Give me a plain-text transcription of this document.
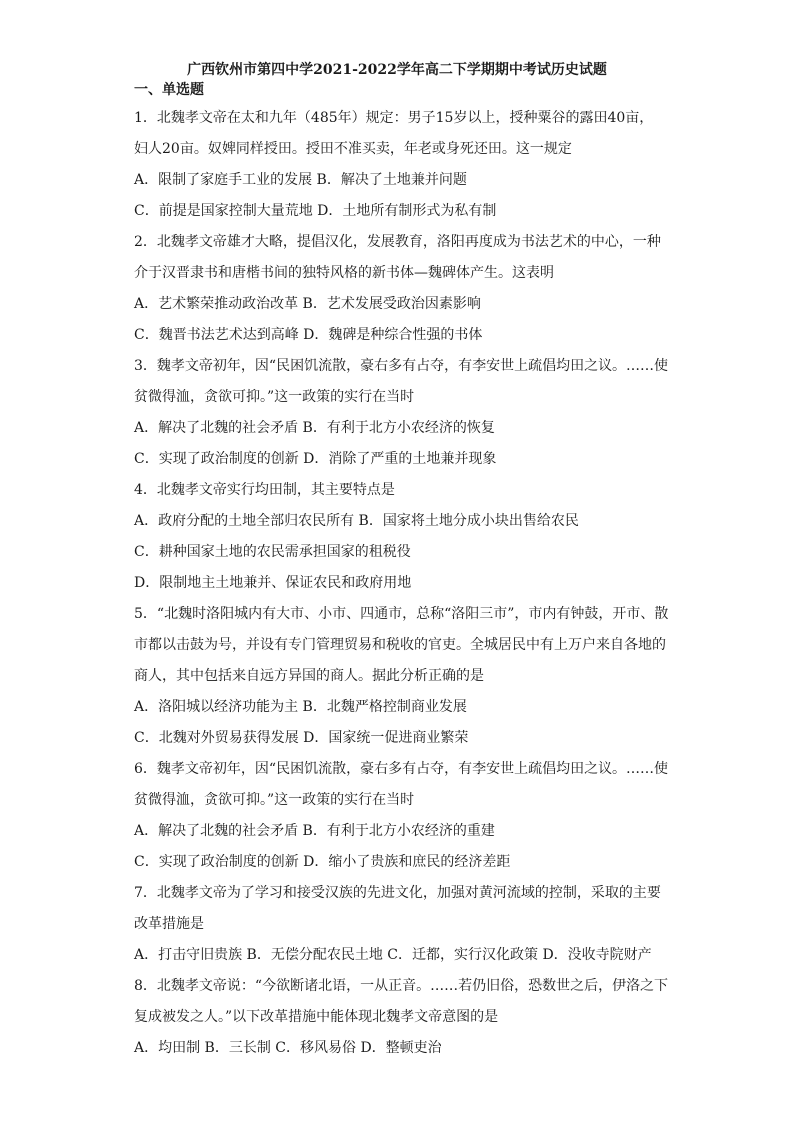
广西钦州市第四中学2021-2022学年高二下学期期中考试历史试题
一、单选题
1．北魏孝文帝在太和九年（485年）规定：男子15岁以上，授种粟谷的露田40亩，
妇人20亩。奴婢同样授田。授田不准买卖，年老或身死还田。这一规定
A．限制了家庭手工业的发展 B．解决了土地兼并问题
C．前提是国家控制大量荒地 D．土地所有制形式为私有制
2．北魏孝文帝雄才大略，提倡汉化，发展教育，洛阳再度成为书法艺术的中心，一种
介于汉晋隶书和唐楷书间的独特风格的新书体—魏碑体产生。这表明
A．艺术繁荣推动政治改革 B．艺术发展受政治因素影响
C．魏晋书法艺术达到高峰 D．魏碑是种综合性强的书体
3．魏孝文帝初年，因“民困饥流散，豪右多有占夺，有李安世上疏倡均田之议。……使
贫微得洫，贪欲可抑。”这一政策的实行在当时
A．解决了北魏的社会矛盾 B．有利于北方小农经济的恢复
C．实现了政治制度的创新 D．消除了严重的土地兼并现象
4．北魏孝文帝实行均田制，其主要特点是
A．政府分配的土地全部归农民所有 B．国家将土地分成小块出售给农民
C．耕种国家土地的农民需承担国家的租税役
D．限制地主土地兼并、保证农民和政府用地
5．“北魏时洛阳城内有大市、小市、四通市，总称“洛阳三市”，市内有钟鼓，开市、散
市都以击鼓为号，并设有专门管理贸易和税收的官吏。全城居民中有上万户来自各地的
商人，其中包括来自远方异国的商人。据此分析正确的是
A．洛阳城以经济功能为主 B．北魏严格控制商业发展
C．北魏对外贸易获得发展 D．国家统一促进商业繁荣
6．魏孝文帝初年，因“民困饥流散，豪右多有占夺，有李安世上疏倡均田之议。……使
贫微得洫，贪欲可抑。”这一政策的实行在当时
A．解决了北魏的社会矛盾 B．有利于北方小农经济的重建
C．实现了政治制度的创新 D．缩小了贵族和庶民的经济差距
7．北魏孝文帝为了学习和接受汉族的先进文化，加强对黄河流域的控制，采取的主要
改革措施是
A．打击守旧贵族 B．无偿分配农民土地 C．迁都，实行汉化政策 D．没收寺院财产
8．北魏孝文帝说：“今欲断诸北语，一从正音。……若仍旧俗，恐数世之后，伊洛之下
复成被发之人。”以下改革措施中能体现北魏孝文帝意图的是
A．均田制 B．三长制 C．移风易俗 D．整顿吏治
